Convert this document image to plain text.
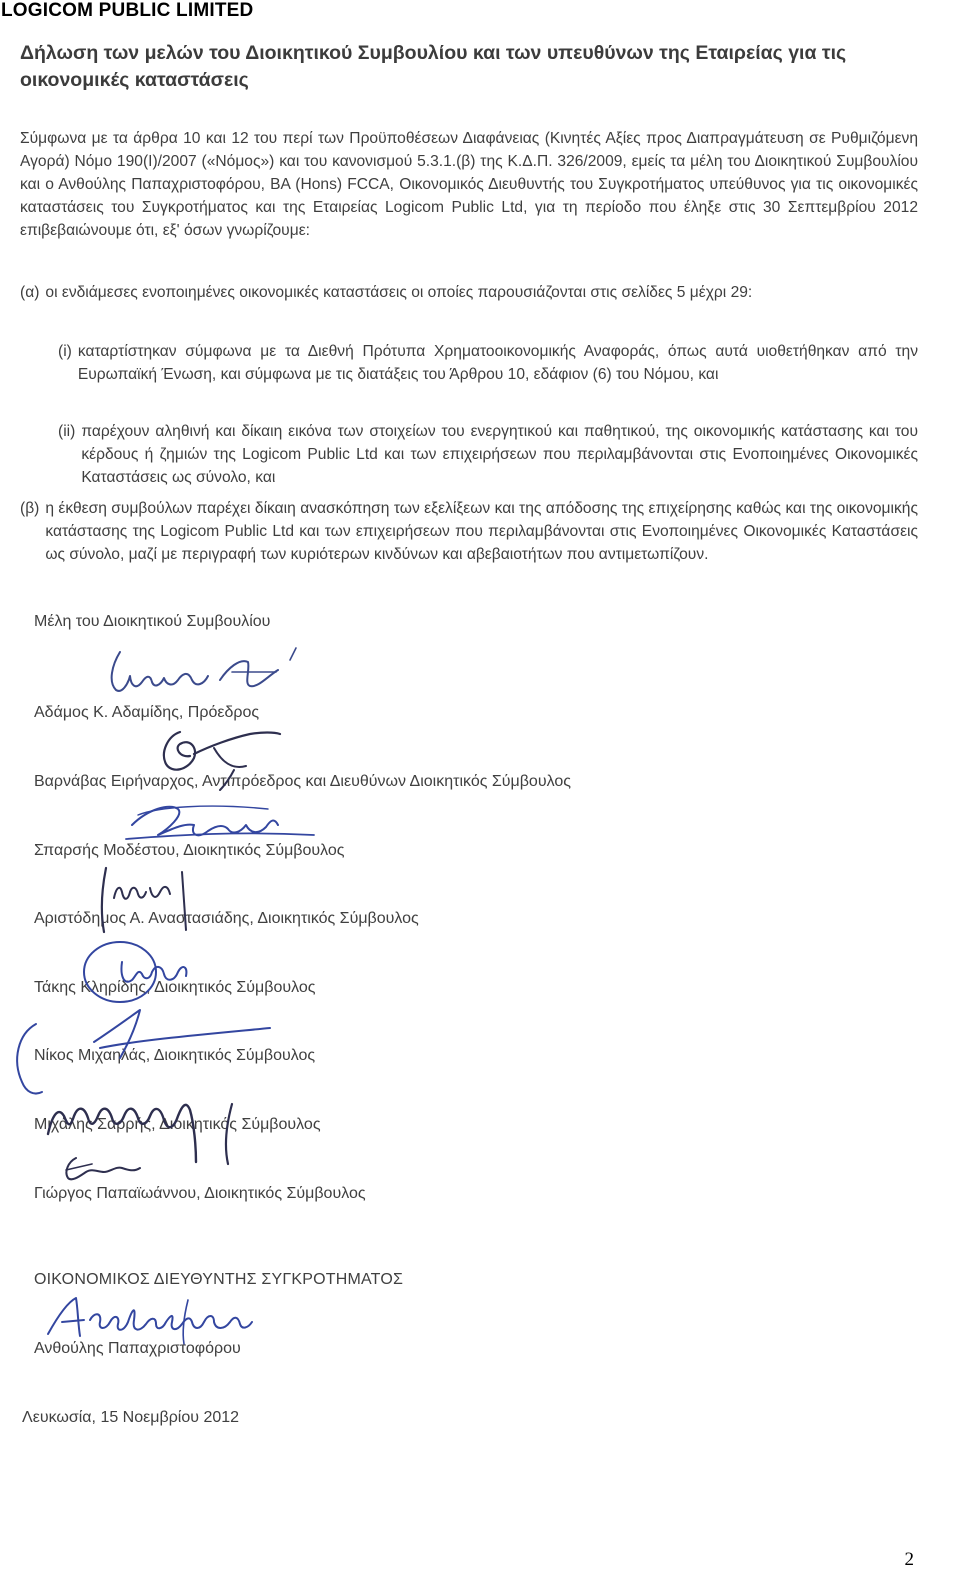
LOGICOM PUBLIC LIMITED
Δήλωση των μελών του Διοικητικού Συμβουλίου και των υπευθύνων της Εταιρείας για τις οικονομικές καταστάσεις
Σύμφωνα με τα άρθρα 10 και 12 του περί των Προϋποθέσεων Διαφάνειας (Κινητές Αξίες προς Διαπραγμάτευση σε Ρυθμιζόμενη Αγορά) Νόμο 190(I)/2007 («Νόμος») και του κανονισμού 5.3.1.(β) της Κ.Δ.Π. 326/2009, εμείς τα μέλη του Διοικητικού Συμβουλίου και ο Ανθούλης Παπαχριστοφόρου, BA (Hons) FCCA, Οικονομικός Διευθυντής του Συγκροτήματος υπεύθυνος για τις οικονομικές καταστάσεις του Συγκροτήματος και της Εταιρείας Logicom Public Ltd, για τη περίοδο που έληξε στις 30 Σεπτεμβρίου 2012 επιβεβαιώνουμε ότι, εξ' όσων γνωρίζουμε:
(α) οι ενδιάμεσες ενοποιημένες οικονομικές καταστάσεις οι οποίες παρουσιάζονται στις σελίδες 5 μέχρι 29:
(i) καταρτίστηκαν σύμφωνα με τα Διεθνή Πρότυπα Χρηματοοικονομικής Αναφοράς, όπως αυτά υιοθετήθηκαν από την Ευρωπαϊκή Ένωση, και σύμφωνα με τις διατάξεις του Άρθρου 10, εδάφιον (6) του Νόμου, και
(ii) παρέχουν αληθινή και δίκαιη εικόνα των στοιχείων του ενεργητικού και παθητικού, της οικονομικής κατάστασης και του κέρδους ή ζημιών της Logicom Public Ltd και των επιχειρήσεων που περιλαμβάνονται στις Ενοποιημένες Οικονομικές Καταστάσεις ως σύνολο, και
(β) η έκθεση συμβούλων παρέχει δίκαιη ανασκόπηση των εξελίξεων και της απόδοσης της επιχείρησης καθώς και της οικονομικής κατάστασης της Logicom Public Ltd και των επιχειρήσεων που περιλαμβάνονται στις Ενοποιημένες Οικονομικές Καταστάσεις ως σύνολο, μαζί με περιγραφή των κυριότερων κινδύνων και αβεβαιοτήτων που αντιμετωπίζουν.
Μέλη του Διοικητικού Συμβουλίου
Αδάμος Κ. Αδαμίδης, Πρόεδρος
Βαρνάβας Ειρήναρχος, Αντιπρόεδρος και Διευθύνων Διοικητικός Σύμβουλος
Σπαρσής Μοδέστου, Διοικητικός Σύμβουλος
Αριστόδημος Α. Αναστασιάδης, Διοικητικός Σύμβουλος
Τάκης Κληρίδης, Διοικητικός Σύμβουλος
Νίκος Μιχαηλάς, Διοικητικός Σύμβουλος
Μιχάλης Σαρρής, Διοικητικός Σύμβουλος
Γιώργος Παπαϊωάννου, Διοικητικός Σύμβουλος
ΟΙΚΟΝΟΜΙΚΟΣ ΔΙΕΥΘΥΝΤΗΣ ΣΥΓΚΡΟΤΗΜΑΤΟΣ
Ανθούλης Παπαχριστοφόρου
Λευκωσία, 15 Νοεμβρίου 2012
2
